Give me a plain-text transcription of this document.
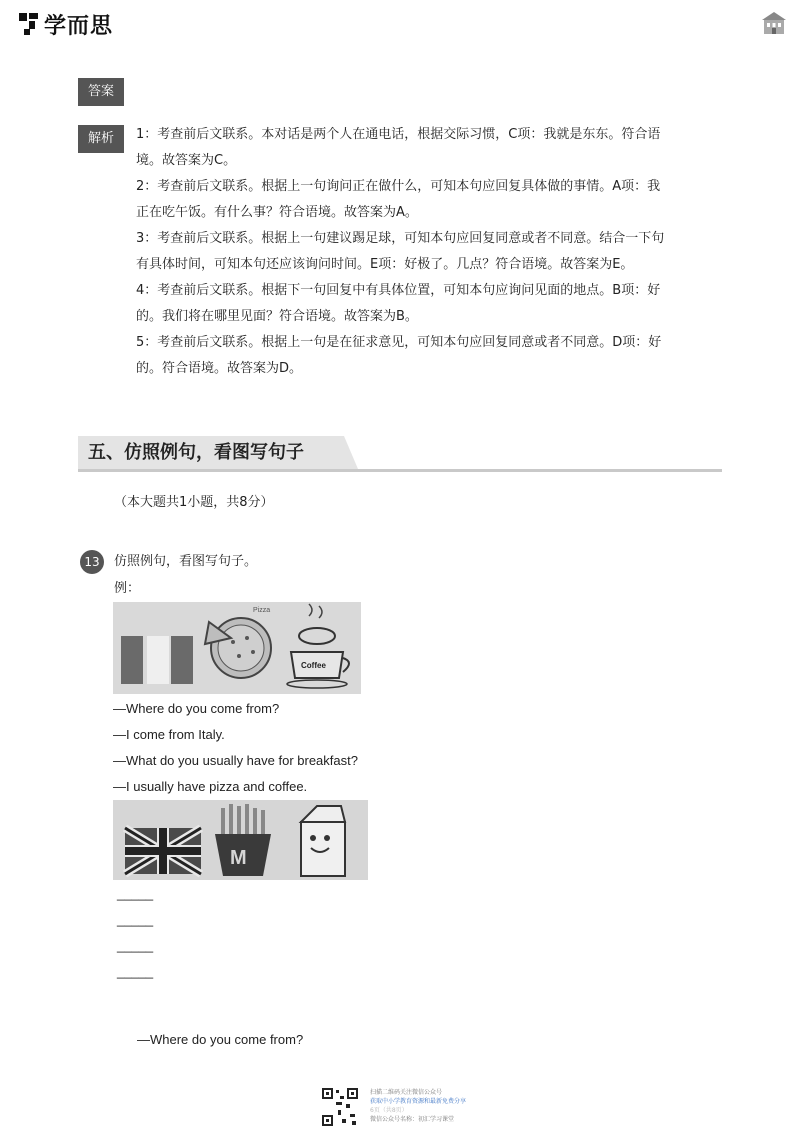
学而思
答案
解析	1：考查前后文联系。本对话是两个人在通电话，根据交际习惯，C项：我就是东东。符合语
境。故答案为C。
2：考查前后文联系。根据上一句询问正在做什么，可知本句应回复具体做的事情。A项：我
正在吃午饭。有什么事？符合语境。故答案为A。
3：考查前后文联系。根据上一句建议踢足球，可知本句应回复同意或者不同意。结合一下句
有具体时间，可知本句还应该询问时间。E项：好极了。几点？符合语境。故答案为E。
4：考查前后文联系。根据下一句回复中有具体位置，可知本句应询问见面的地点。B项：好
的。我们将在哪里见面？符合语境。故答案为B。
5：考查前后文联系。根据上一句是在征求意见，可知本句应回复同意或者不同意。D项：好
的。符合语境。故答案为D。
五、仿照例句，看图写句子
（本大题共1小题，共8分）
13	仿照例句，看图写句子。
例：
Pizza
Coffee
—Where do you come from?
—I come from Italy.
—What do you usually have for breakfast?
—I usually have pizza and coffee.
M
_____
_____
_____
_____
—Where do you come from?
扫描二维码关注微信公众号
获取中小学教育资源和最新免费分享
6页（共8页）
微信公众号名称：初汇学习课堂
